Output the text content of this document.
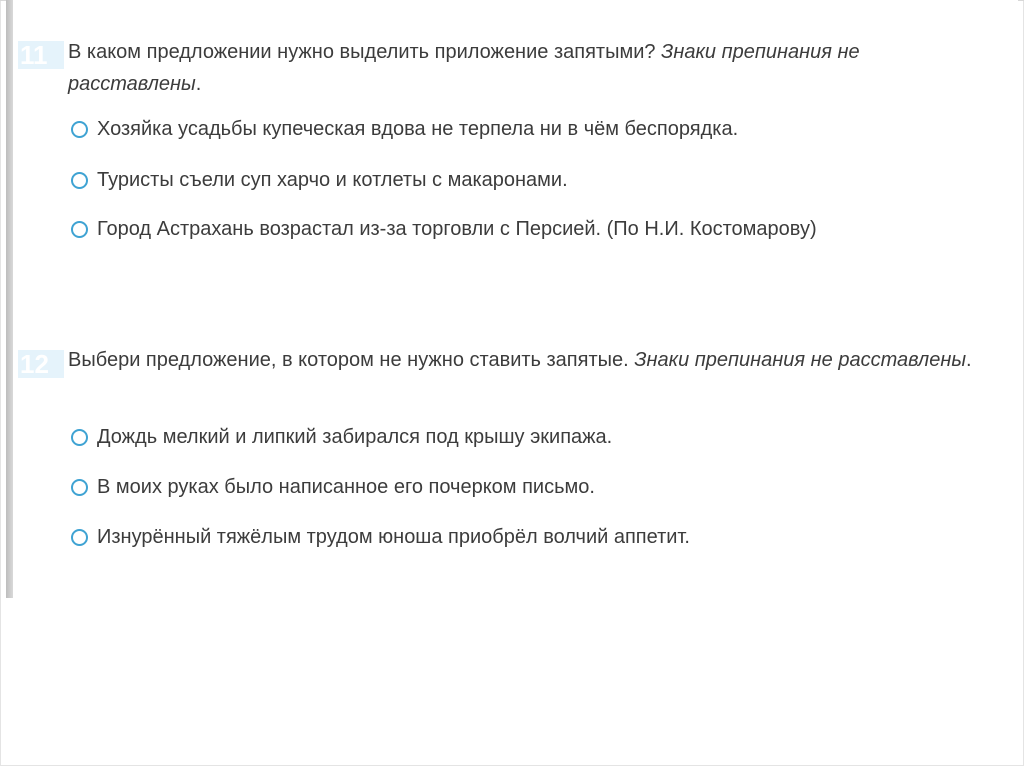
11	В каком предложении нужно выделить приложение запятыми? Знаки препинания не расставлены.
Хозяйка усадьбы купеческая вдова не терпела ни в чём беспорядка.
Туристы съели суп харчо и котлеты с макаронами.
Город Астрахань возрастал из-за торговли с Персией. (По Н.И. Костомарову)
12 Выбери предложение, в котором не нужно ставить запятые. Знаки препинания не расставлены.
Дождь мелкий и липкий забирался под крышу экипажа.
В моих руках было написанное его почерком письмо.
Изнурённый тяжёлым трудом юноша приобрёл волчий аппетит.
